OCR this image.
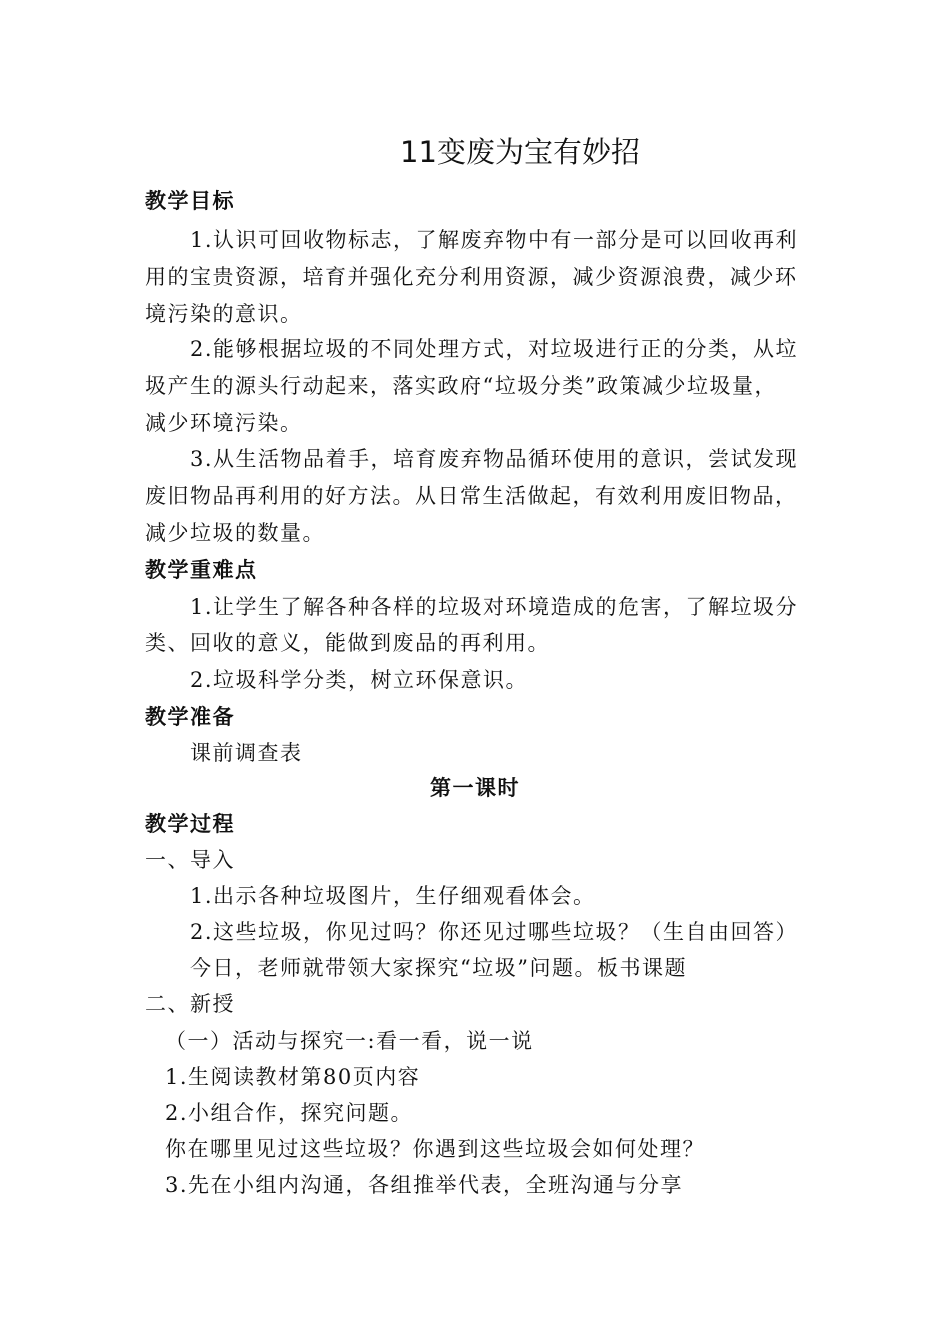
11变废为宝有妙招
教学目标
1.认识可回收物标志，了解废弃物中有一部分是可以回收再利
用的宝贵资源，培育并强化充分利用资源，减少资源浪费，减少环
境污染的意识。
2.能够根据垃圾的不同处理方式，对垃圾进行正的分类，从垃
圾产生的源头行动起来，落实政府“垃圾分类”政策减少垃圾量，
减少环境污染。
3.从生活物品着手，培育废弃物品循环使用的意识，尝试发现
废旧物品再利用的好方法。从日常生活做起，有效利用废旧物品，
减少垃圾的数量。
教学重难点
1.让学生了解各种各样的垃圾对环境造成的危害，了解垃圾分
类、回收的意义，能做到废品的再利用。
2.垃圾科学分类，树立环保意识。
教学准备
课前调查表
第一课时
教学过程
一、导入
1.出示各种垃圾图片，生仔细观看体会。
2.这些垃圾，你见过吗？你还见过哪些垃圾？（生自由回答）
今日，老师就带领大家探究“垃圾”问题。板书课题
二、新授
（一）活动与探究一:看一看，说一说
1.生阅读教材第80页内容
2.小组合作，探究问题。
你在哪里见过这些垃圾？你遇到这些垃圾会如何处理？
3.先在小组内沟通，各组推举代表，全班沟通与分享
